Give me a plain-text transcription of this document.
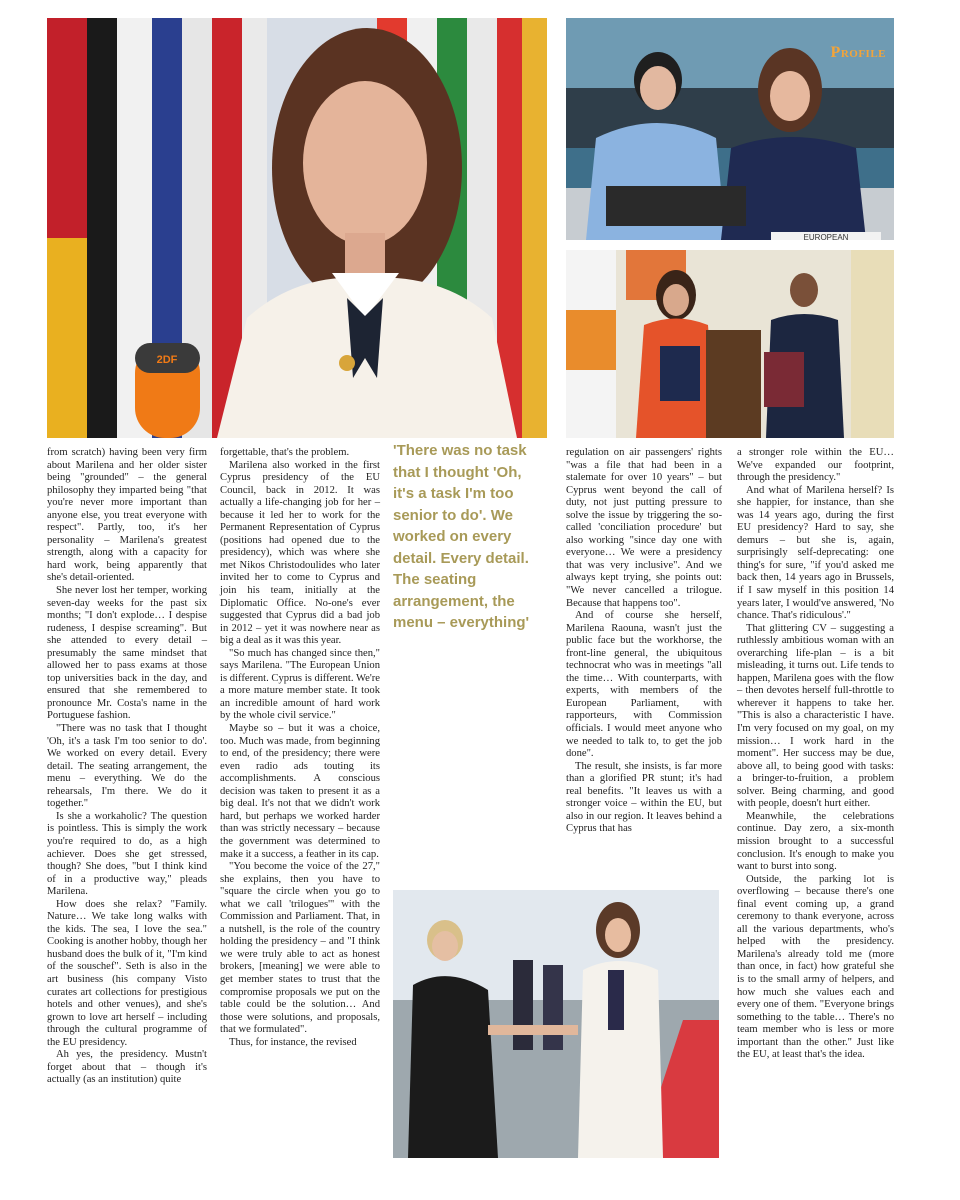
2DF
EUROPEAN
Profile
'There was no task that I thought 'Oh, it's a task I'm too senior to do'. We worked on every detail. Every detail. The seating arrangement, the menu – everything'

from scratch) having been very firm about Marilena and her older sister being "grounded" – the general philosophy they imparted being "that you're never more important than anyone else, you treat everyone with respect". Partly, too, it's her personality – Marilena's greatest strength, along with a capacity for hard work, being apparently that she's detail-oriented.

She never lost her temper, working seven-day weeks for the past six months; "I don't explode… I despise rudeness, I despise screaming". But she attended to every detail – presumably the same mindset that allowed her to pass exams at those top universities back in the day, and ensured that she remembered to pronounce Mr. Costa's name in the Portuguese fashion.

"There was no task that I thought 'Oh, it's a task I'm too senior to do'. We worked on every detail. Every detail. The seating arrangement, the menu – everything. We do the rehearsals, I'm there. We do it together."

Is she a workaholic? The question is pointless. This is simply the work you're required to do, as a high achiever. Does she get stressed, though? She does, "but I think kind of in a productive way," pleads Marilena.

How does she relax? "Family. Nature… We take long walks with the kids. The sea, I love the sea." Cooking is another hobby, though her husband does the bulk of it, "I'm kind of the souschef". Seth is also in the art business (his company Visto curates art collections for prestigious hotels and other venues), and she's grown to love art herself – including through the cultural programme of the EU presidency.

Ah yes, the presidency. Mustn't forget about that – though it's actually (as an institution) quite

forgettable, that's the problem.

Marilena also worked in the first Cyprus presidency of the EU Council, back in 2012. It was actually a life-changing job for her – because it led her to work for the Permanent Representation of Cyprus (positions had opened due to the presidency), which was where she met Nikos Christodoulides who later invited her to come to Cyprus and join his team, initially at the Diplomatic Office. No-one's ever suggested that Cyprus did a bad job in 2012 – yet it was nowhere near as big a deal as it was this year.

"So much has changed since then," says Marilena. "The European Union is different. Cyprus is different. We're a more mature member state. It took an incredible amount of hard work by the whole civil service."

Maybe so – but it was a choice, too. Much was made, from beginning to end, of the presidency; there were even radio ads touting its accomplishments. A conscious decision was taken to present it as a big deal. It's not that we didn't work hard, but perhaps we worked harder than was strictly necessary – because the government was determined to make it a success, a feather in its cap.

"You become the voice of the 27," she explains, then you have to "square the circle when you go to what we call 'trilogues'" with the Commission and Parliament. That, in a nutshell, is the role of the country holding the presidency – and "I think we were truly able to act as honest brokers, [meaning] we were able to get member states to trust that the compromise proposals we put on the table could be the solution… And those were solutions, and proposals, that we formulated".

Thus, for instance, the revised

regulation on air passengers' rights "was a file that had been in a stalemate for over 10 years" – but Cyprus went beyond the call of duty, not just putting pressure to solve the issue by triggering the so-called 'conciliation procedure' but also working "since day one with everyone… We were a presidency that was very inclusive". And we always kept trying, she points out: "We never cancelled a trilogue. Because that happens too".

And of course she herself, Marilena Raouna, wasn't just the public face but the workhorse, the front-line general, the ubiquitous technocrat who was in meetings "all the time… With counterparts, with experts, with members of the European Parliament, with rapporteurs, with Commission officials. I would meet anyone who we needed to talk to, to get the job done".

The result, she insists, is far more than a glorified PR stunt; it's had real benefits. "It leaves us with a stronger voice – within the EU, but also in our region. It leaves behind a Cyprus that has

a stronger role within the EU… We've expanded our footprint, through the presidency."

And what of Marilena herself? Is she happier, for instance, than she was 14 years ago, during the first EU presidency? Hard to say, she demurs – but she is, again, surprisingly self-deprecating: one thing's for sure, "if you'd asked me back then, 14 years ago in Brussels, if I saw myself in this position 14 years later, I would've answered, 'No chance. That's ridiculous'."

That glittering CV – suggesting a ruthlessly ambitious woman with an overarching life-plan – is a bit misleading, it turns out. Life tends to happen, Marilena goes with the flow – then devotes herself full-throttle to wherever it happens to take her. "This is also a characteristic I have. I'm very focused on my goal, on my mission… I work hard in the moment". Her success may be due, above all, to being good with tasks: a bringer-to-fruition, a problem solver. Being charming, and good with people, doesn't hurt either.

Meanwhile, the celebrations continue. Day zero, a six-month mission brought to a successful conclusion. It's enough to make you want to burst into song.

Outside, the parking lot is overflowing – because there's one final event coming up, a grand ceremony to thank everyone, across all the various departments, who's helped with the presidency. Marilena's already told me (more than once, in fact) how grateful she is to the small army of helpers, and how much she values each and every one of them. "Everyone brings something to the table… There's no team member who is less or more important than the other." Just like the EU, at least that's the idea.
